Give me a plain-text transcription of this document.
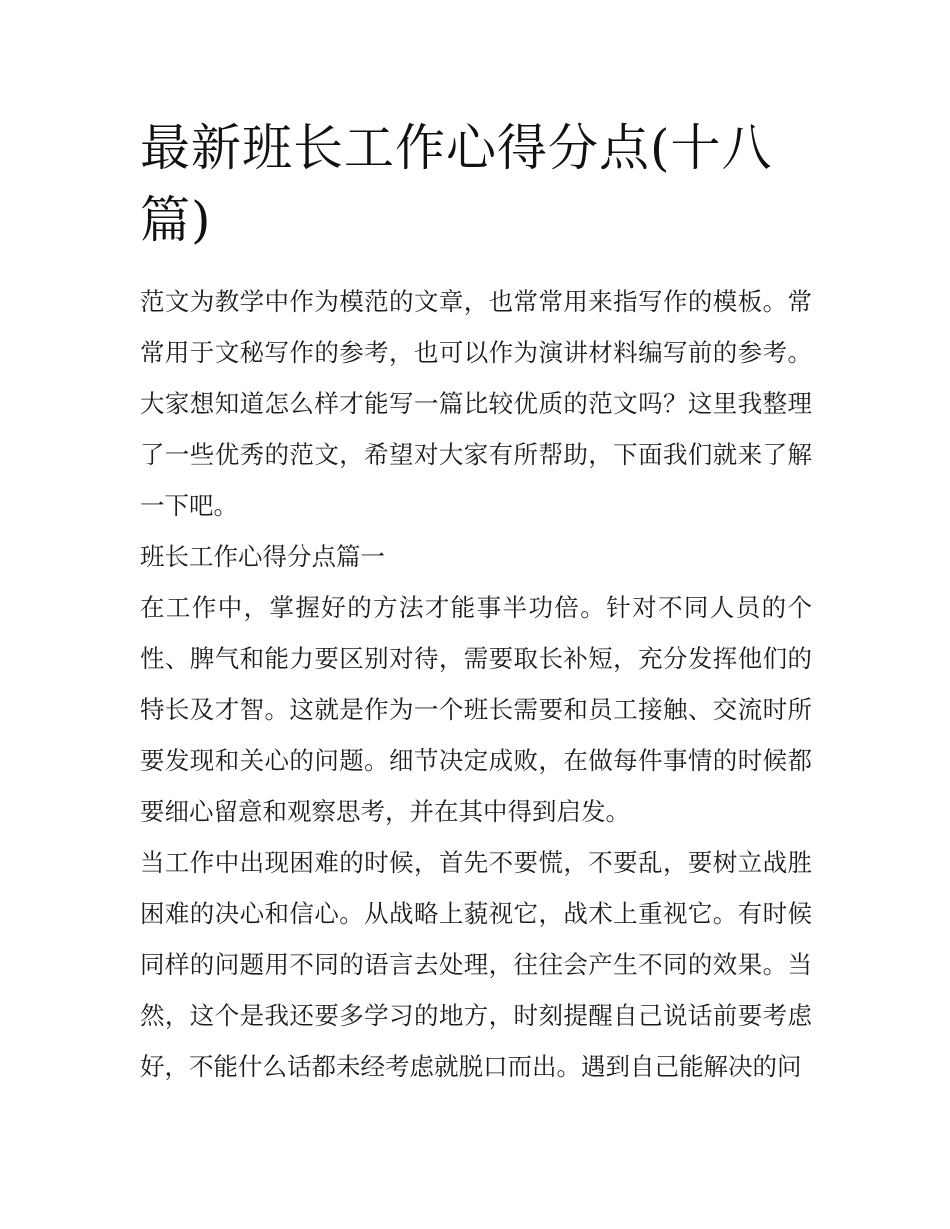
最新班长工作心得分点(十八篇)

范文为教学中作为模范的文章，也常常用来指写作的模板。常常用于文秘写作的参考，也可以作为演讲材料编写前的参考。大家想知道怎么样才能写一篇比较优质的范文吗？这里我整理了一些优秀的范文，希望对大家有所帮助，下面我们就来了解一下吧。

班长工作心得分点篇一

在工作中，掌握好的方法才能事半功倍。针对不同人员的个性、脾气和能力要区别对待，需要取长补短，充分发挥他们的特长及才智。这就是作为一个班长需要和员工接触、交流时所要发现和关心的问题。细节决定成败，在做每件事情的时候都要细心留意和观察思考，并在其中得到启发。

当工作中出现困难的时候，首先不要慌，不要乱，要树立战胜困难的决心和信心。从战略上藐视它，战术上重视它。有时候同样的问题用不同的语言去处理，往往会产生不同的效果。当然，这个是我还要多学习的地方，时刻提醒自己说话前要考虑好，不能什么话都未经考虑就脱口而出。遇到自己能解决的问
